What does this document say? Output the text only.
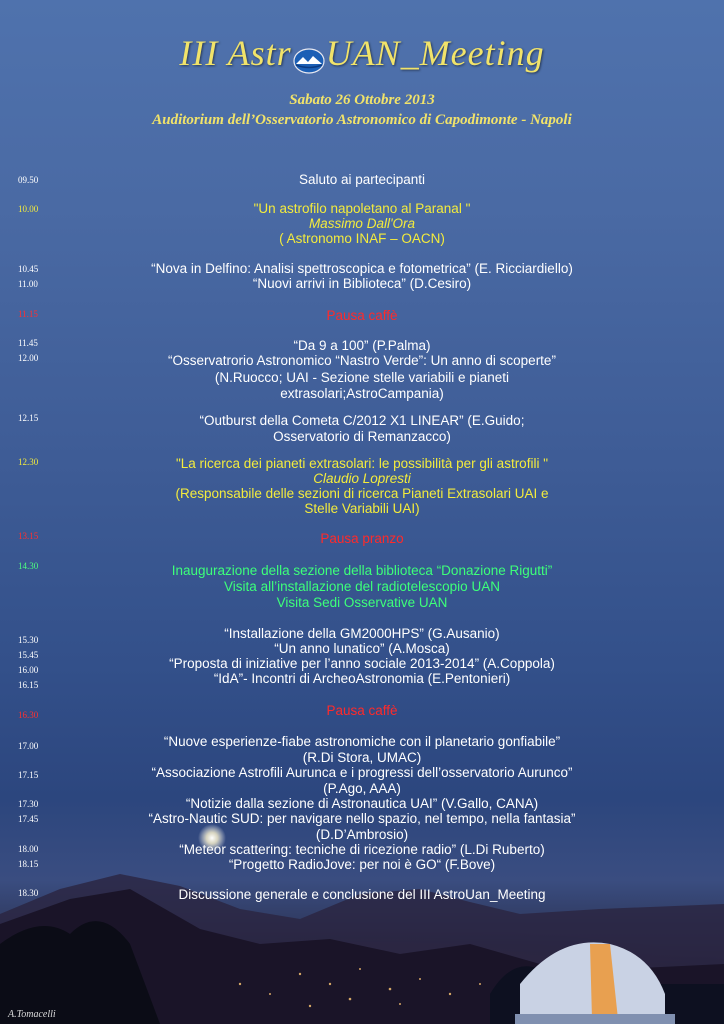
III Astr UAN_Meeting
Sabato 26 Ottobre 2013
Auditorium dell’Osservatorio Astronomico di Capodimonte - Napoli
09.50	Saluto ai partecipanti
10.00	"Un astrofilo napoletano al Paranal "
Massimo Dall'Ora
( Astronomo INAF – OACN)
10.45	“Nova in Delfino: Analisi spettroscopica e fotometrica” (E. Ricciardiello)
11.00	“Nuovi arrivi in Biblioteca” (D.Cesiro)
11.15	Pausa caffè
11.45	“Da 9 a 100” (P.Palma)
12.00	“Osservatrorio Astronomico “Nastro Verde”: Un anno di scoperte”
(N.Ruocco; UAI - Sezione stelle variabili e pianeti
extrasolari;AstroCampania)
12.15	“Outburst della Cometa C/2012 X1 LINEAR” (E.Guido;
Osservatorio di Remanzacco)
12.30	"La ricerca dei pianeti extrasolari: le possibilità per gli astrofili "
Claudio Lopresti
(Responsabile delle sezioni di ricerca Pianeti Extrasolari UAI e
Stelle Variabili UAI)
13.15	Pausa pranzo
14.30	Inaugurazione della sezione della biblioteca “Donazione Rigutti”
Visita all’installazione del radiotelescopio UAN
Visita Sedi Osservative UAN
15.30	“Installazione della GM2000HPS” (G.Ausanio)
15.45	“Un anno lunatico” (A.Mosca)
16.00	“Proposta di iniziative per l’anno sociale 2013-2014” (A.Coppola)
16.15	“IdA”- Incontri di ArcheoAstronomia (E.Pentonieri)
16.30	Pausa caffè
17.00	“Nuove esperienze-fiabe astronomiche con il planetario gonfiabile”
(R.Di Stora, UMAC)
17.15	“Associazione Astrofili Aurunca e i progressi dell’osservatorio Aurunco”
(P.Ago, AAA)
17.30	“Notizie dalla sezione di Astronautica UAI” (V.Gallo, CANA)
17.45	“Astro-Nautic SUD: per navigare nello spazio, nel tempo, nella fantasia”
(D.D’Ambrosio)
18.00	“Meteor scattering: tecniche di ricezione radio” (L.Di Ruberto)
18.15	“Progetto RadioJove: per noi è GO“ (F.Bove)
18.30	Discussione generale e conclusione del III AstroUan_Meeting
A.Tomacelli
